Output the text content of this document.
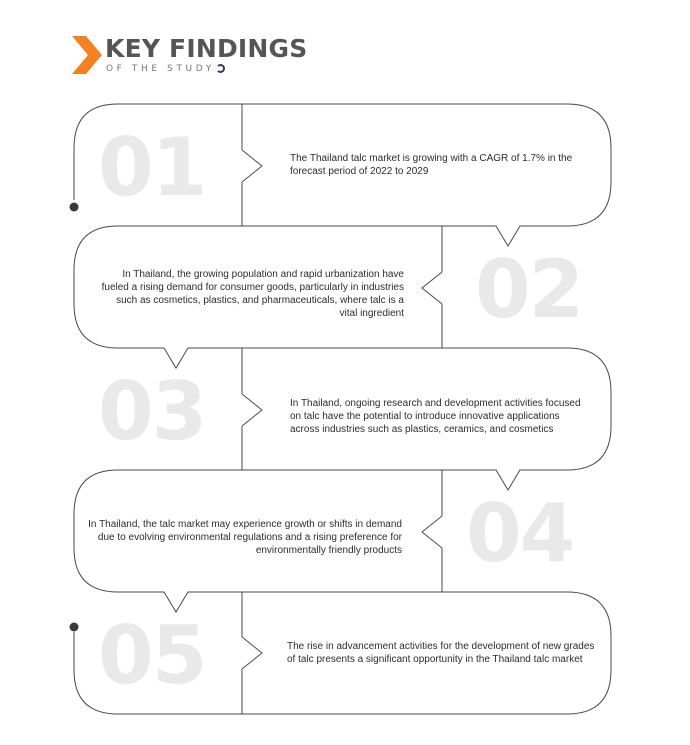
KEY FINDINGS
OF THE STUDY
01
02
03
04
05
The Thailand talc market is growing with a CAGR of 1.7% in the forecast period of 2022 to 2029
In Thailand, the growing population and rapid urbanization have fueled a rising demand for consumer goods, particularly in industries such as cosmetics, plastics, and pharmaceuticals, where talc is a vital ingredient
In Thailand, ongoing research and development activities focused on talc have the potential to introduce innovative applications across industries such as plastics, ceramics, and cosmetics
In Thailand, the talc market may experience growth or shifts in demand due to evolving environmental regulations and a rising preference for environmentally friendly products
The rise in advancement activities for the development of new grades of talc presents a significant opportunity in the Thailand talc market
